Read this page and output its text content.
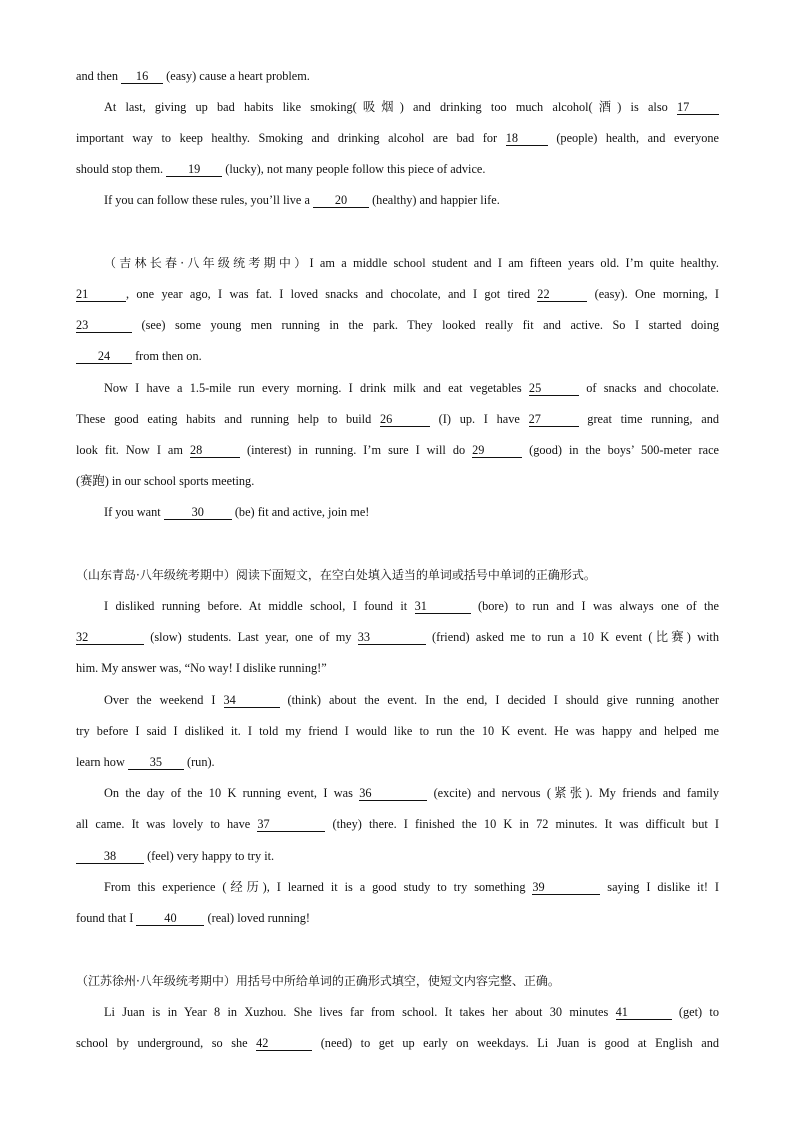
and then 16 (easy) cause a heart problem.
At last, giving up bad habits like smoking(吸烟) and drinking too much alcohol(酒) is also 17
important way to keep healthy. Smoking and drinking alcohol are bad for 18 (people) health, and everyone
should stop them. 19 (lucky), not many people follow this piece of advice.
If you can follow these rules, you’ll live a 20 (healthy) and happier life.
（吉林长春·八年级统考期中）I am a middle school student and I am fifteen years old. I’m quite healthy.
21	, one year ago, I was fat. I loved snacks and chocolate, and I got tired 22	(easy). One morning, I
23	(see) some young men running in the park. They looked really fit and active. So I started doing
24 from then on.
Now I have a 1.5-mile run every morning. I drink milk and eat vegetables 25	of snacks and chocolate.
These good eating habits and running help to build 26	(I) up. I have 27	great time running, and
look fit. Now I am 28	(interest) in running. I’m sure I will do 29	(good) in the boys’ 500-meter race
(赛跑) in our school sports meeting.
If you want 30 (be) fit and active, join me!
（山东青岛·八年级统考期中）阅读下面短文，在空白处填入适当的单词或括号中单词的正确形式。
I disliked running before. At middle school, I found it 31	(bore) to run and I was always one of the
32	(slow) students. Last year, one of my 33	(friend) asked me to run a 10 K event (比赛) with
him. My answer was, “No way! I dislike running!”
Over the weekend I 34	(think) about the event. In the end, I decided I should give running another
try before I said I disliked it. I told my friend I would like to run the 10 K event. He was happy and helped me
learn how 35 (run).
On the day of the 10 K running event, I was 36	(excite) and nervous (紧张). My friends and family
all came. It was lovely to have 37	(they) there. I finished the 10 K in 72 minutes. It was difficult but I
38 (feel) very happy to try it.
From this experience (经历), I learned it is a good study to try something 39	saying I dislike it! I
found that I 40 (real) loved running!
（江苏徐州·八年级统考期中）用括号中所给单词的正确形式填空，使短文内容完整、正确。
Li Juan is in Year 8 in Xuzhou. She lives far from school. It takes her about 30 minutes 41	(get) to
school by underground, so she 42	(need) to get up early on weekdays. Li Juan is good at English and
